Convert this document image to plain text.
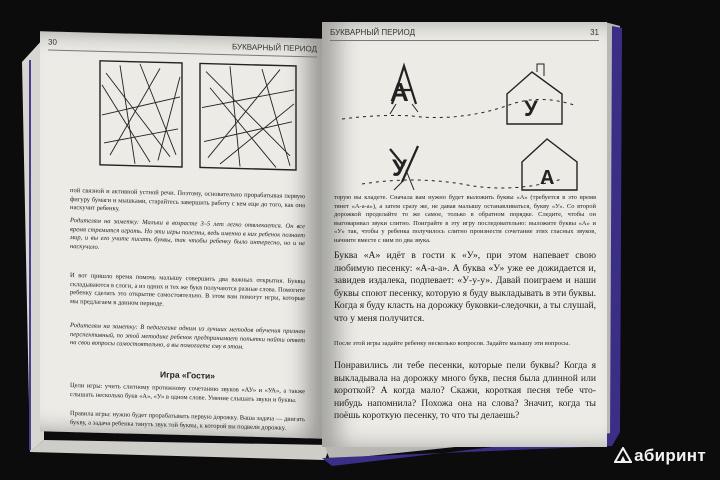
30
БУКВАРНЫЙ ПЕРИОД
пой связной и активной устной речи. Поэтому, основательно прорабатывая первую фигуру бумаги и мышками, старайтесь завершить работу с кем еще до того, как она наскучит ребенку.
Родителям на заметку: Малыш в возрасте 3–5 лет легко отвлекается. Он все время стремится играть. Но эти игры полезны, ведь именно в них ребенок познает мир, и вы его учите писать буквы, так чтобы ребенку было интересно, но и не наскучило.
И вот пришло время помочь малышу совершить два важных открытия. Буквы складываются в слоги, а из одних и тех же букв получаются разные слова. Помогите ребенку сделать это открытие самостоятельно. В этом вам помогут игры, которые мы предлагаем в данном периоде.
Родителям на заметку: В педагогике одним из лучших методов обучения признан перспективный, по этой методике ребенок предпринимает попытки найти ответ на свои вопросы самостоятельно, а вы помогаете ему в этом.
Игра «Гости»
Цели игры: учить слитному протяжному сочетанию звуков «АУ» и «УА», а также слышать несколько букв «А», «У» в одном слове. Умение слышать звуки и буквы.
Правила игры: нужно будет прорабатывать первую дорожку. Ваша задача — двигать букву, а задача ребенка тянуть звук той буквы, к которой вы подвели дорожку.
31
БУКВАРНЫЙ ПЕРИОД
А
У
У	А
торую вы кладете. Сначала вам нужно будет выложить буквы «А» (требуется в это время тянет «А-а-а»), а затем сразу же, не давая малышу останавливаться, букву «У». Со второй дорожкой проделайте то же самое, только в обратном порядке. Следите, чтобы он выговаривал звуки слитно. Поиграйте в эту игру последовательно: выложите буквы «А» и «У» так, чтобы у ребенка получилось слитно произнести сочетание этих гласных звуков, начните вместе с ним по два звука.
Буква «А» идёт в гости к «У», при этом напевает свою любимую песенку: «А-а-а». А буква «У» уже ее дожидается и, завидев издалека, подпевает: «У-у-у». Давай поиграем и наши буквы споют песенку, которую я буду выкладывать в эти буквы. Когда я буду класть на дорожку буковки-следочки, а ты слушай, что у меня получится.
После этой игры задайте ребенку несколько вопросов. Задайте малышу эти вопросы.
Понравились ли тебе песенки, которые пели буквы? Когда я выкладывала на дорожку много букв, песня была длинной или короткой? А когда мало? Скажи, короткая песня тебе что-нибудь напомнила? Похожа она на слова? Значит, когда ты поёшь короткую песенку, то что ты делаешь?
абиринт
